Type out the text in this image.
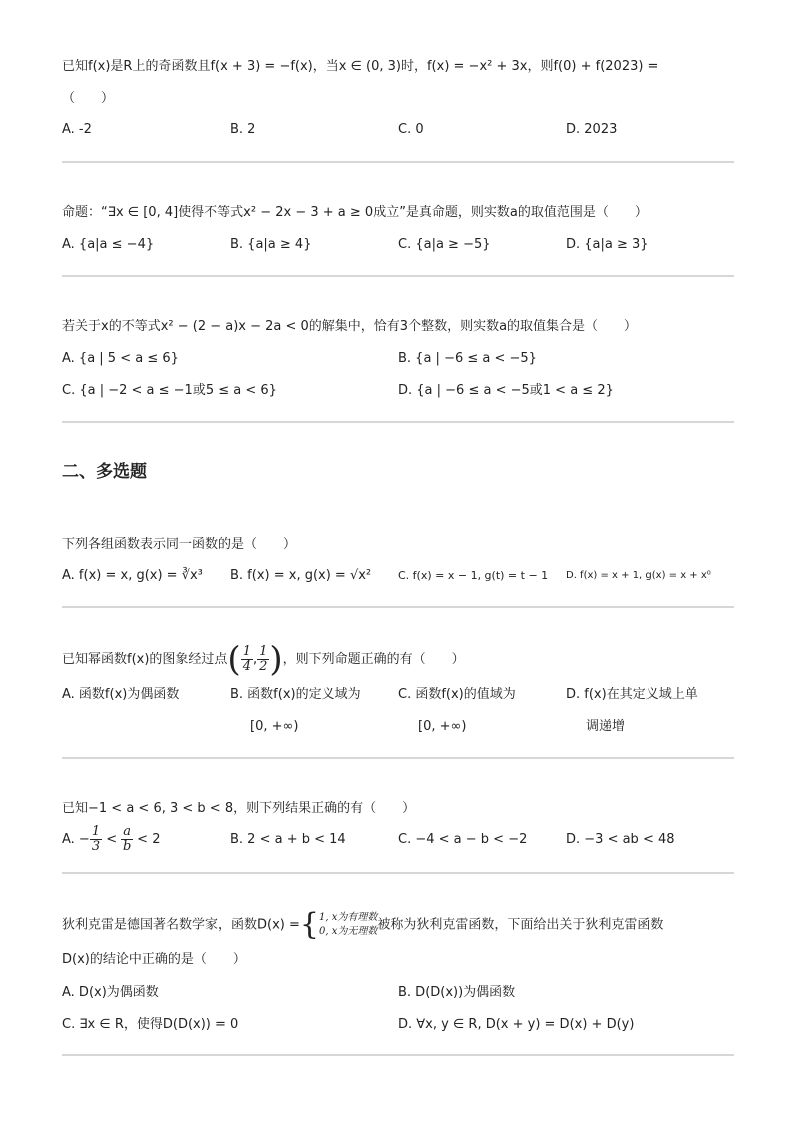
已知f(x)是R上的奇函数且f(x + 3) = −f(x)，当x ∈ (0, 3)时，f(x) = −x² + 3x，则f(0) + f(2023) =
（　　）
A. -2	B. 2	C. 0	D. 2023
命题：“∃x ∈ [0, 4]使得不等式x² − 2x − 3 + a ≥ 0成立”是真命题，则实数a的取值范围是（　　）
A. {a|a ≤ −4}	B. {a|a ≥ 4}	C. {a|a ≥ −5}	D. {a|a ≥ 3}
若关于x的不等式x² − (2 − a)x − 2a < 0的解集中，恰有3个整数，则实数a的取值集合是（　　）
A. {a | 5 < a ≤ 6}	B. {a | −6 ≤ a < −5}
C. {a | −2 < a ≤ −1或5 ≤ a < 6}	D. {a | −6 ≤ a < −5或1 < a ≤ 2}
二、多选题
下列各组函数表示同一函数的是（　　）
A. f(x) = x, g(x) = ∛x³ B. f(x) = x, g(x) = √x² C. f(x) = x − 1, g(t) = t − 1 D. f(x) = x + 1, g(x) = x + x⁰
已知幂函数f(x)的图象经过点( $\frac{1}{4}$ , $\frac{1}{2}$ )，则下列命题正确的有（　　）
A. 函数f(x)为偶函数	B. 函数f(x)的定义域为
[0, +∞)
C. 函数f(x)的值域为
[0, +∞)
D. f(x)在其定义域上单
调递增
已知−1 < a < 6, 3 < b < 8，则下列结果正确的有（　　）
A. − $\frac{1}{3} < \frac{a}{b} < 2$	B. 2 < a + b < 14	C. −4 < a − b < −2	D. −3 < ab < 48
狄利克雷是德国著名数学家，函数D(x) ={ 1, x为有理数
0, x为无理数 被称为狄利克雷函数，下面给出关于狄利克雷函数
D(x)的结论中正确的是（　　）
A. D(x)为偶函数	B. D(D(x))为偶函数
C. ∃x ∈ R，使得D(D(x)) = 0	D. ∀x, y ∈ R, D(x + y) = D(x) + D(y)
